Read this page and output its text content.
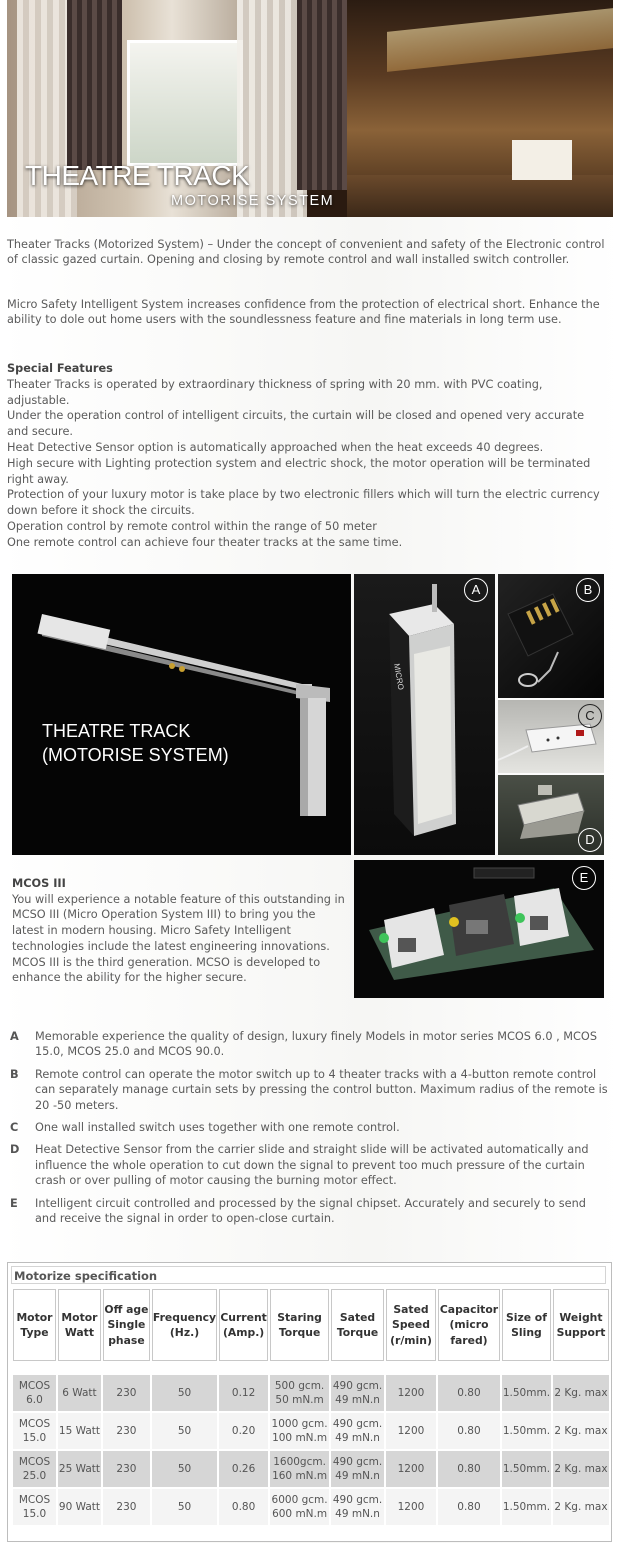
THEATRE TRACK
MOTORISE SYSTEM

Theater Tracks (Motorized System) – Under the concept of convenient and safety of the Electronic control of classic gazed curtain. Opening and closing by remote control and wall installed switch controller.

Micro Safety Intelligent System increases confidence from the protection of electrical short. Enhance the ability to dole out home users with the soundlessness feature and fine materials in long term use.

Special Features

Theater Tracks is operated by extraordinary thickness of spring with 20 mm. with PVC coating, adjustable.

Under the operation control of intelligent circuits, the curtain will be closed and opened very accurate and secure.

Heat Detective Sensor option is automatically approached when the heat exceeds 40 degrees.

High secure with Lighting protection system and electric shock, the motor operation will be terminated right away.

Protection of your luxury motor is take place by two electronic fillers which will turn the electric currency down before it shock the circuits.

Operation control by remote control within the range of 50 meter

One remote control can achieve four theater tracks at the same time.

THEATRE TRACK
(MOTORISE SYSTEM)
MICRO
A	B
C
D
MCOS III
You will experience a notable feature of this outstanding in MCSO III (Micro Operation System III) to bring you the latest in modern housing. Micro Safety Intelligent technologies include the latest engineering innovations. MCOS III is the third generation. MCSO is developed to enhance the ability for the higher secure.
E
A Memorable experience the quality of design, luxury finely Models in motor series MCOS 6.0 , MCOS 15.0, MCOS 25.0 and MCOS 90.0.
B Remote control can operate the motor switch up to 4 theater tracks with a 4-button remote control can separately manage curtain sets by pressing the control button. Maximum radius of the remote is 20 -50 meters.
C One wall installed switch uses together with one remote control.
D Heat Detective Sensor from the carrier slide and straight slide will be activated automatically and influence the whole operation to cut down the signal to prevent too much pressure of the curtain crash or over pulling of motor causing the burning motor effect.
E Intelligent circuit controlled and processed by the signal chipset. Accurately and securely to send and receive the signal in order to open-close curtain.
Motorize specification
Motor Type	Motor Watt	Off age Single phase	Frequency (Hz.)	Current (Amp.)	Staring Torque	Sated Torque	Sated Speed (r/min)	Capacitor (micro fared)	Size of Sling	Weight Support

MCOS 6.0	6 Watt	230	50	0.12	500 gcm. 50 mN.m	490 gcm. 49 mN.n	1200	0.80	1.50mm.	2 Kg. max
MCOS 15.0	15 Watt	230	50	0.20	1000 gcm. 100 mN.m	490 gcm. 49 mN.n	1200	0.80	1.50mm.	2 Kg. max
MCOS 25.0	25 Watt	230	50	0.26	1600gcm. 160 mN.m	490 gcm. 49 mN.n	1200	0.80	1.50mm.	2 Kg. max
MCOS 15.0	90 Watt	230	50	0.80	6000 gcm. 600 mN.m	490 gcm. 49 mN.n	1200	0.80	1.50mm.	2 Kg. max
